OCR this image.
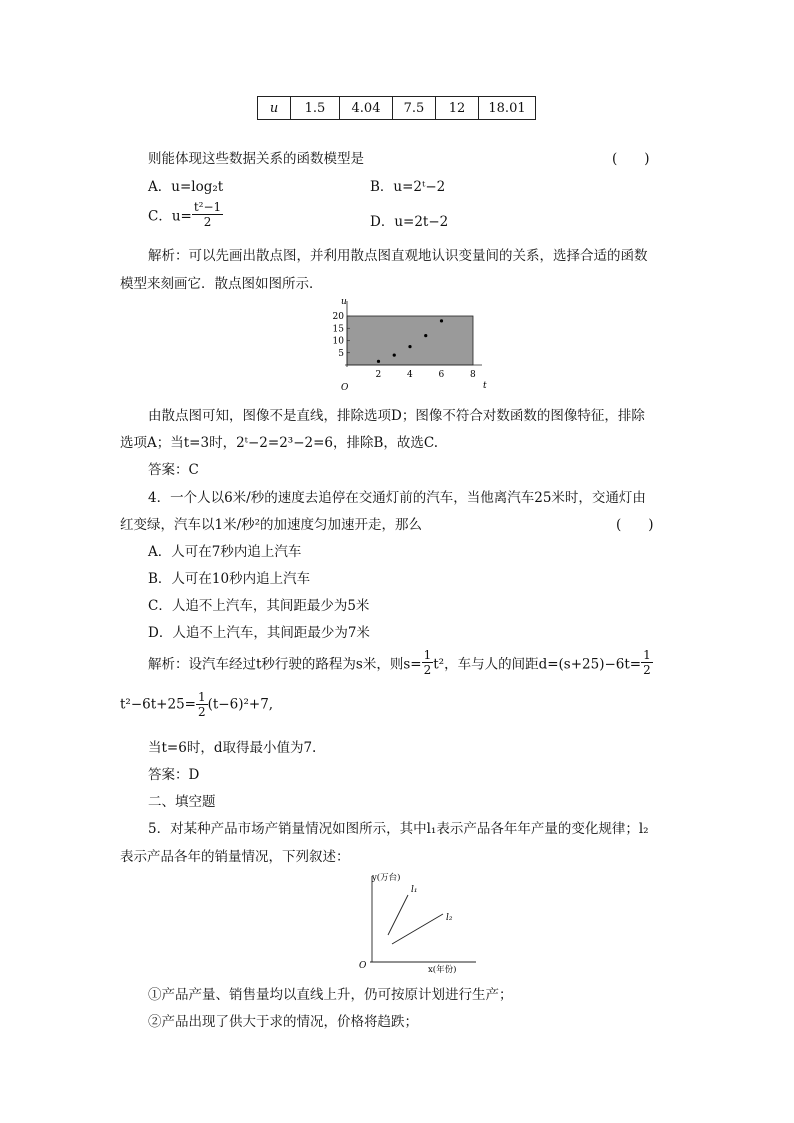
u	1.5	4.04	7.5	12	18.01
则能体现这些数据关系的函数模型是	(　　)
A．u=log₂t	B．u=2ᵗ−2
C．$u= \frac{\text{t²−1}}{2}$	D．u=2t−2
解析：可以先画出散点图，并利用散点图直观地认识变量间的关系，选择合适的函数
模型来刻画它．散点图如图所示．
u
t
O
2	4	6	8
5
10
15
20
由散点图可知，图像不是直线，排除选项D；图像不符合对数函数的图像特征，排除
选项A；当t=3时，2ᵗ−2=2³−2=6，排除B，故选C.
答案：C
4．一个人以6米/秒的速度去追停在交通灯前的汽车，当他离汽车25米时，交通灯由
红变绿，汽车以1米/秒²的加速度匀加速开走，那么	(　　)
A．人可在7秒内追上汽车
B．人可在10秒内追上汽车
C．人追不上汽车，其间距最少为5米
D．人追不上汽车，其间距最少为7米
解析：设汽车经过t秒行驶的路程为s米，则$s= \frac{1}{2} t^2$，车与人的间距$d=(s+25)-6t= \frac{1}{2}$
$t^2-6t+25= \frac{1}{2} (t-6)^2+7$,
当t=6时，d取得最小值为7.
答案：D
二、填空题
5．对某种产品市场产销量情况如图所示，其中l₁表示产品各年年产量的变化规律；l₂
表示产品各年的销量情况，下列叙述：
y(万台)
x(年份)
O
l₁
l₂
①产品产量、销售量均以直线上升，仍可按原计划进行生产；
②产品出现了供大于求的情况，价格将趋跌；
